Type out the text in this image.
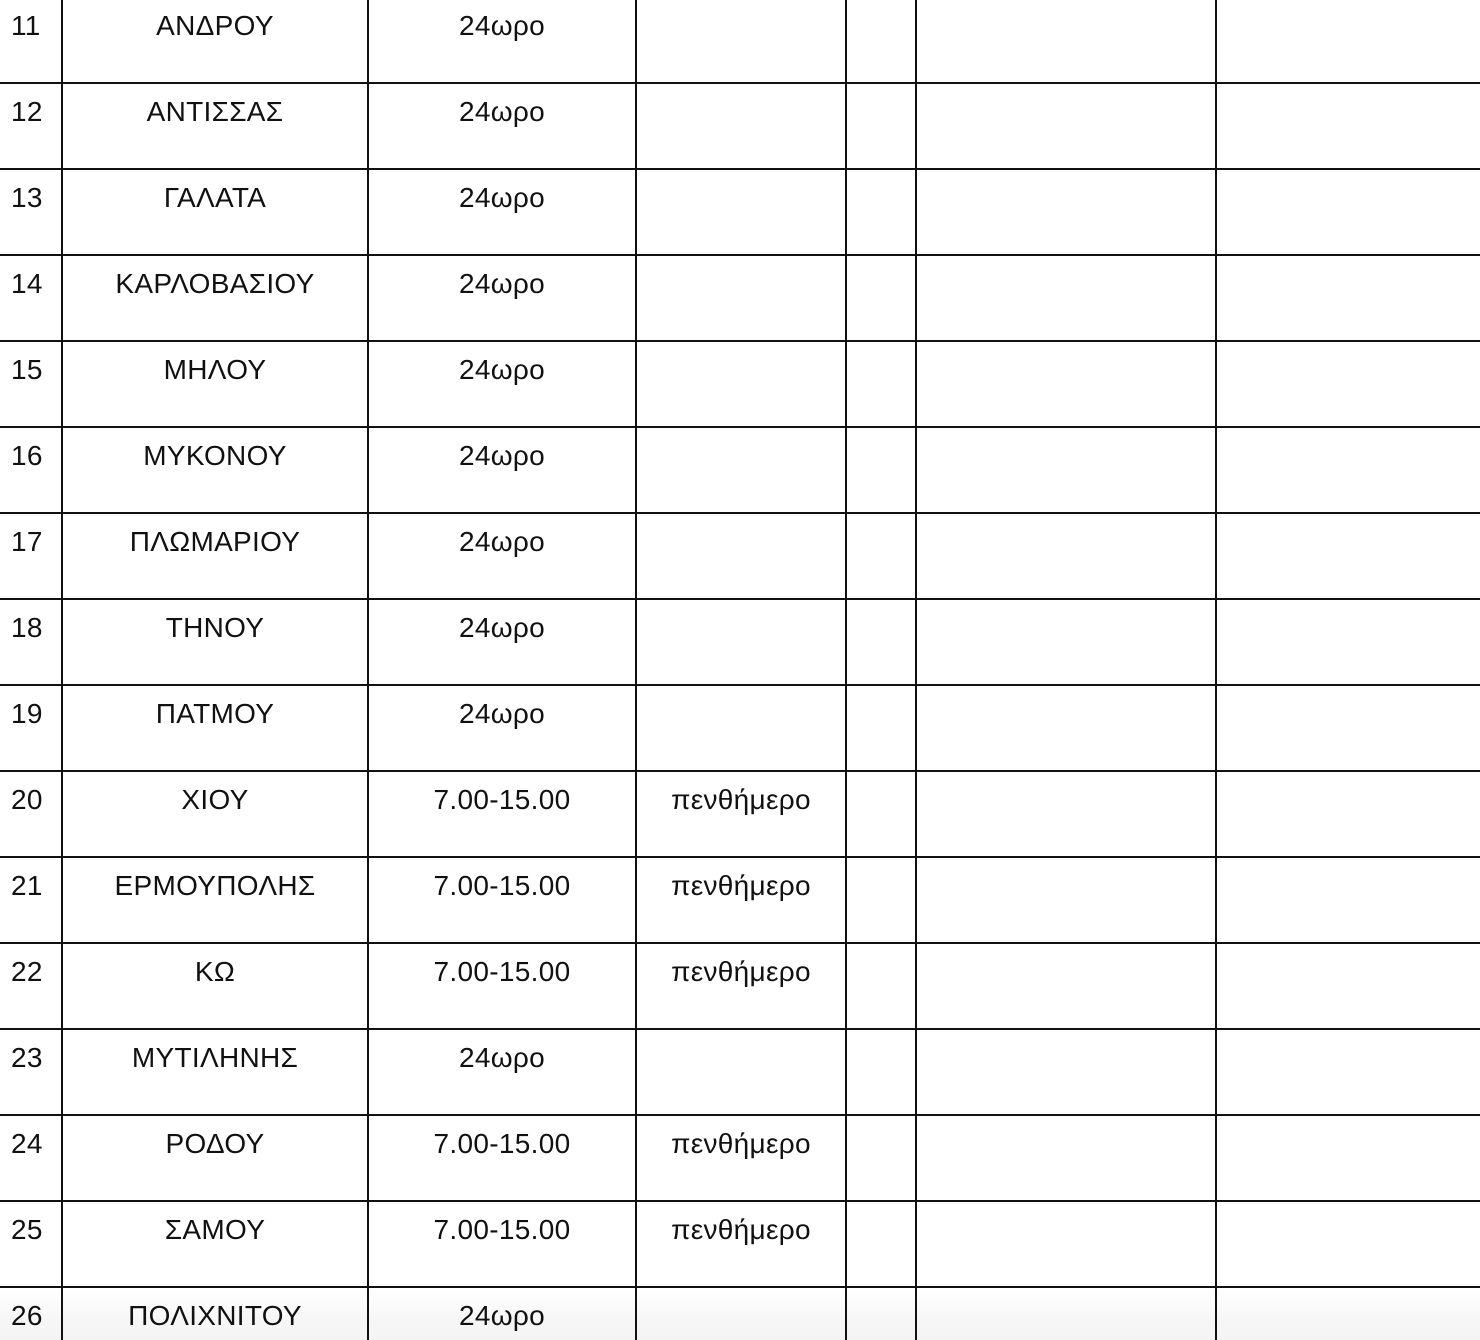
11	ΑΝΔΡΟΥ	24ωρο				

12	ΑΝΤΙΣΣΑΣ	24ωρο				

13	ΓΑΛΑΤΑ	24ωρο				

14	ΚΑΡΛΟΒΑΣΙΟΥ	24ωρο				

15	ΜΗΛΟΥ	24ωρο				

16	ΜΥΚΟΝΟΥ	24ωρο				

17	ΠΛΩΜΑΡΙΟΥ	24ωρο				

18	ΤΗΝΟΥ	24ωρο				

19	ΠΑΤΜΟΥ	24ωρο				

20	ΧΙΟΥ	7.00-15.00	πενθήμερο			

21	ΕΡΜΟΥΠΟΛΗΣ	7.00-15.00	πενθήμερο			

22	ΚΩ	7.00-15.00	πενθήμερο			

23	ΜΥΤΙΛΗΝΗΣ	24ωρο				

24	ΡΟΔΟΥ	7.00-15.00	πενθήμερο			

25	ΣΑΜΟΥ	7.00-15.00	πενθήμερο			

26	ΠΟΛΙΧΝΙΤΟΥ	24ωρο				
